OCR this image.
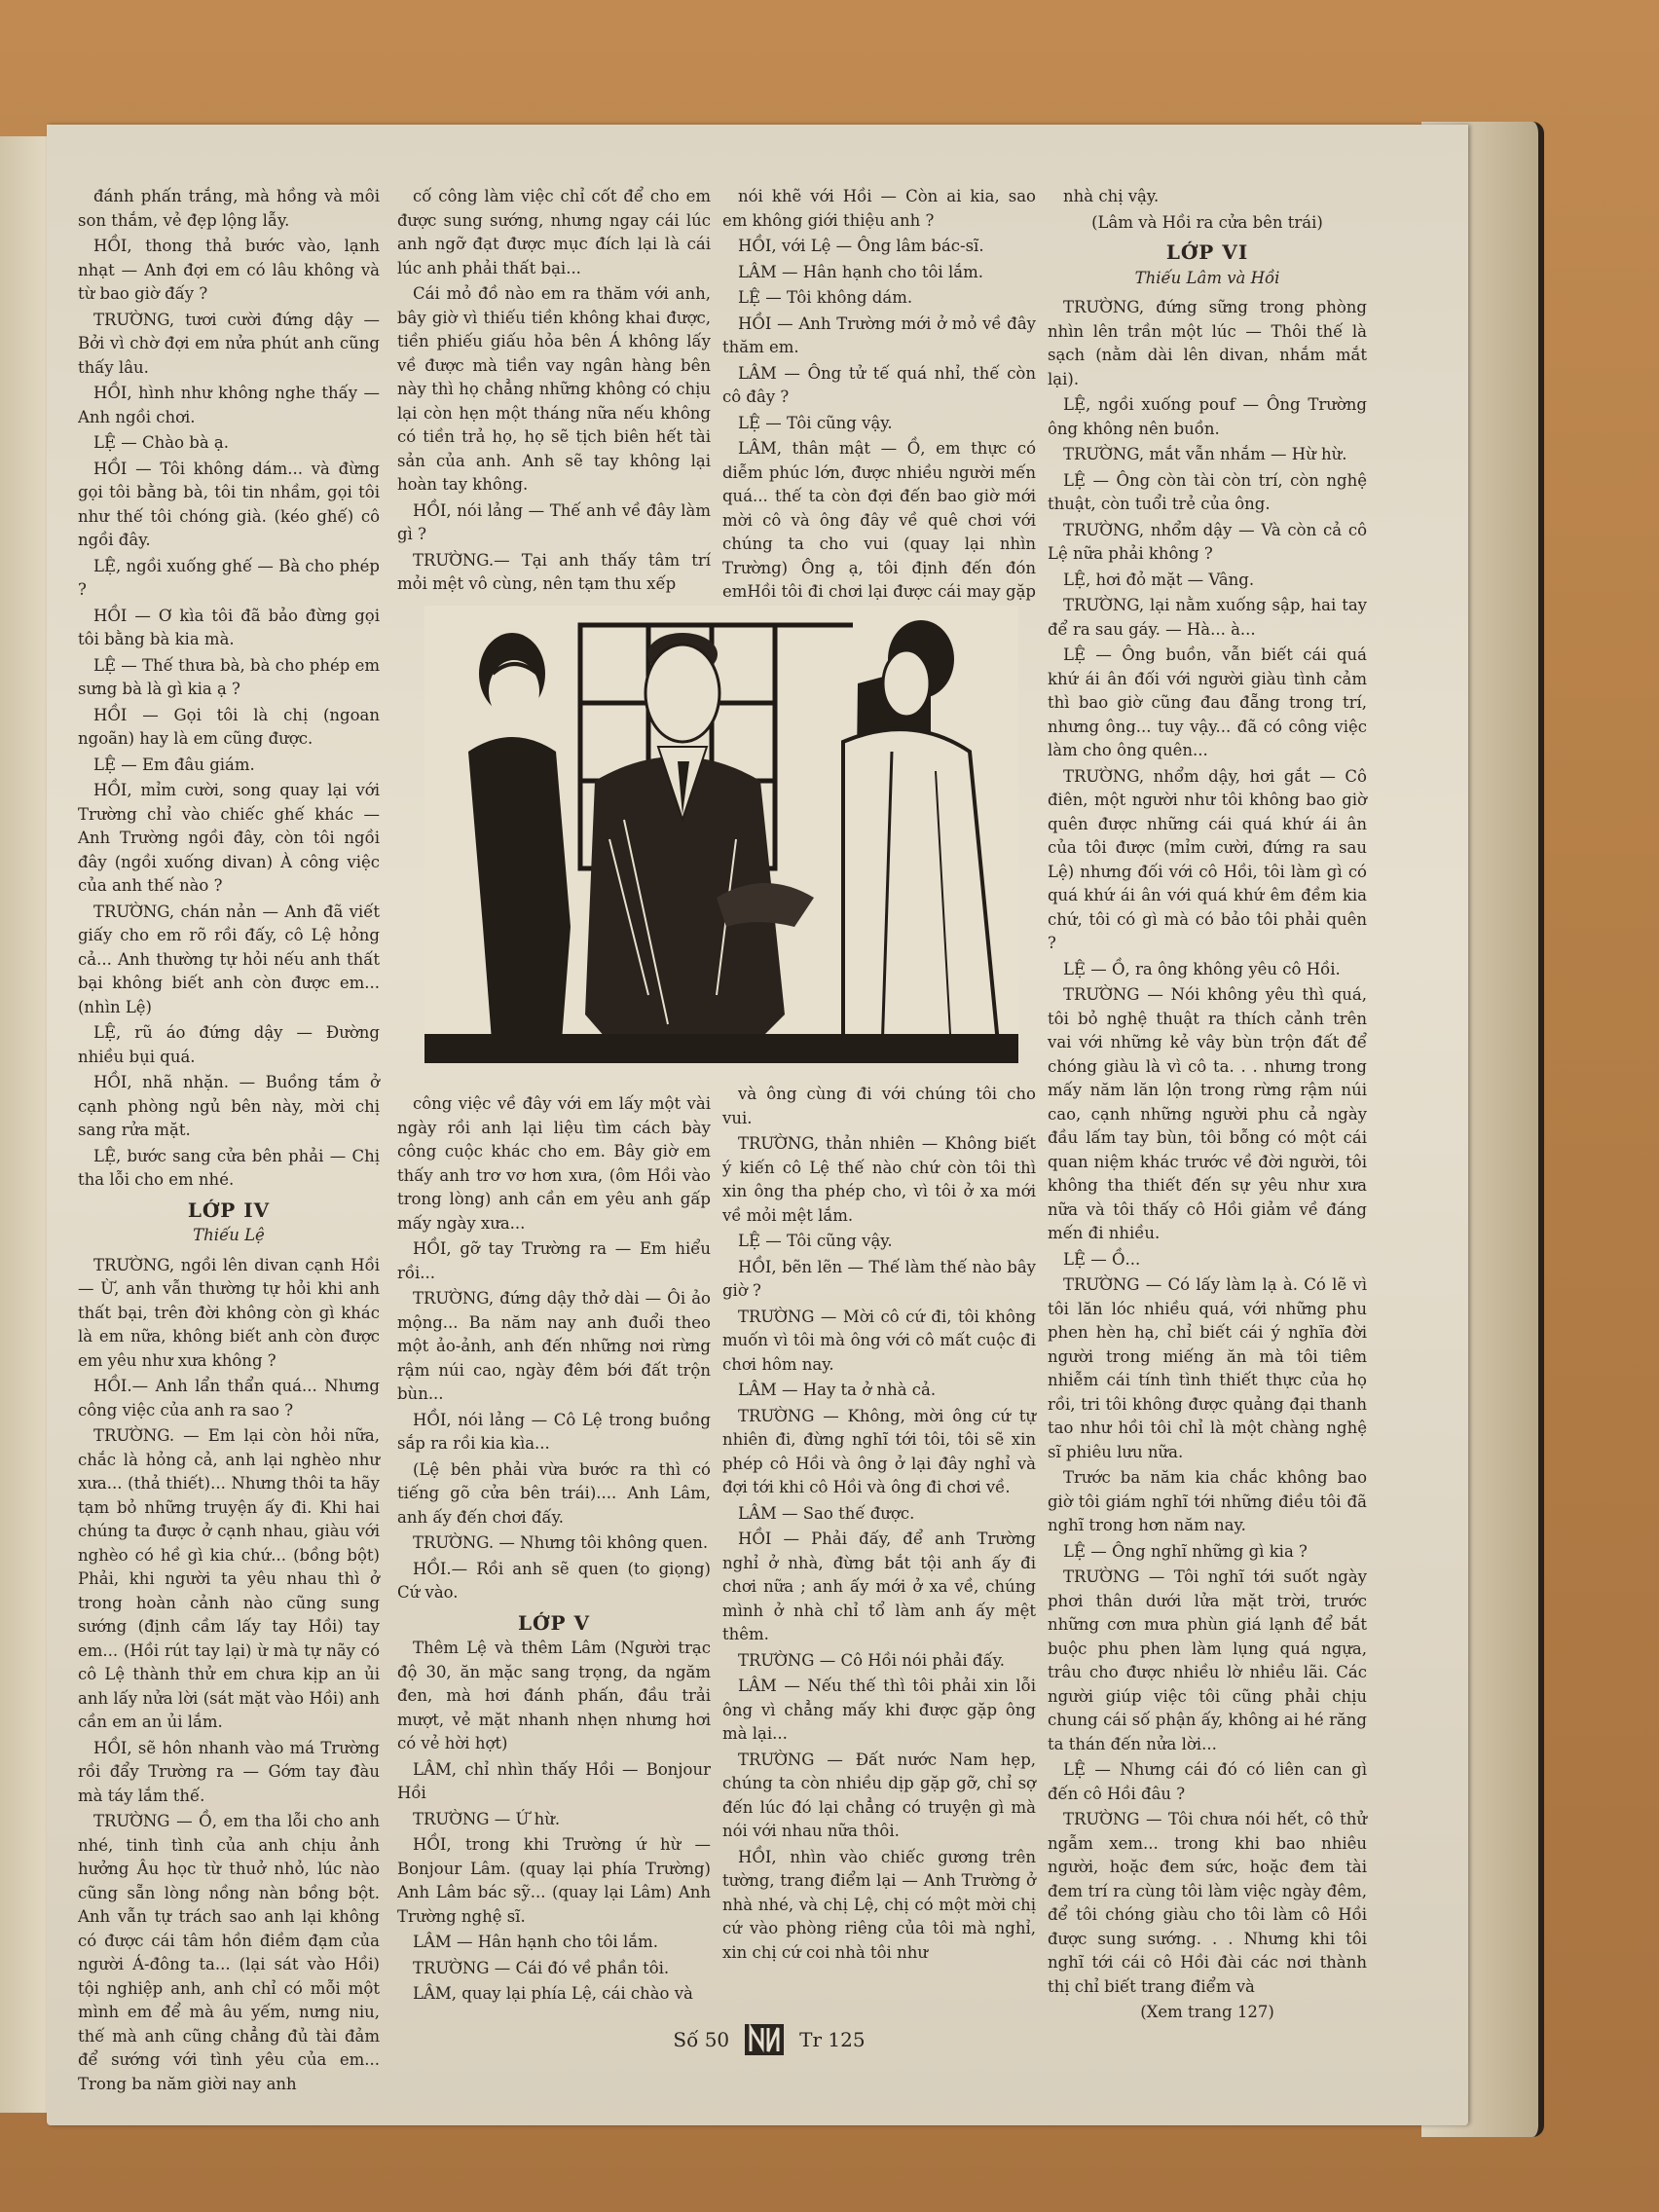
đánh phấn trắng, mà hồng và môi son thắm, vẻ đẹp lộng lẫy.

HỒI, thong thả bước vào, lạnh nhạt — Anh đợi em có lâu không và từ bao giờ đấy ?

TRƯỜNG, tươi cười đứng dậy — Bởi vì chờ đợi em nửa phút anh cũng thấy lâu.

HỒI, hình như không nghe thấy — Anh ngồi chơi.

LỆ — Chào bà ạ.

HỒI — Tôi không dám... và đừng gọi tôi bằng bà, tôi tin nhầm, gọi tôi như thế tôi chóng già. (kéo ghế) cô ngồi đây.

LỆ, ngồi xuống ghế — Bà cho phép ?

HỒI — Ơ kìa tôi đã bảo đừng gọi tôi bằng bà kia mà.

LỆ — Thế thưa bà, bà cho phép em sưng bà là gì kia ạ ?

HỒI — Gọi tôi là chị (ngoan ngoãn) hay là em cũng được.

LỆ — Em đâu giám.

HỒI, mỉm cười, song quay lại với Trường chỉ vào chiếc ghế khác — Anh Trường ngồi đây, còn tôi ngồi đây (ngồi xuống divan) À công việc của anh thế nào ?

TRƯỜNG, chán nản — Anh đã viết giấy cho em rõ rồi đấy, cô Lệ hỏng cả... Anh thường tự hỏi nếu anh thất bại không biết anh còn được em... (nhìn Lệ)

LỆ, rũ áo đứng dậy — Đường nhiều bụi quá.

HỒI, nhã nhặn. — Buồng tắm ở cạnh phòng ngủ bên này, mời chị sang rửa mặt.

LỆ, bước sang cửa bên phải — Chị tha lỗi cho em nhé.

LỚP IV

Thiếu Lệ

TRƯỜNG, ngồi lên divan cạnh Hồi — Ừ, anh vẫn thường tự hỏi khi anh thất bại, trên đời không còn gì khác là em nữa, không biết anh còn được em yêu như xưa không ?

HỒI.— Anh lẩn thẩn quá... Nhưng công việc của anh ra sao ?

TRƯỜNG. — Em lại còn hỏi nữa, chắc là hỏng cả, anh lại nghèo như xưa... (thả thiết)... Nhưng thôi ta hãy tạm bỏ những truyện ấy đi. Khi hai chúng ta được ở cạnh nhau, giàu với nghèo có hề gì kia chứ... (bồng bột) Phải, khi người ta yêu nhau thì ở trong hoàn cảnh nào cũng sung sướng (định cầm lấy tay Hồi) tay em... (Hồi rút tay lại) ừ mà tự nãy có cô Lệ thành thử em chưa kịp an ủi anh lấy nửa lời (sát mặt vào Hồi) anh cần em an ủi lắm.

HỒI, sẽ hôn nhanh vào má Trường rồi đẩy Trường ra — Gớm tay đàu mà táy lắm thế.

TRƯỜNG — Ồ, em tha lỗi cho anh nhé, tinh tình của anh chịu ảnh hưởng Âu học từ thuở nhỏ, lúc nào cũng sẵn lòng nồng nàn bồng bột. Anh vẫn tự trách sao anh lại không có được cái tâm hồn điềm đạm của người Á-đông ta... (lại sát vào Hồi) tội nghiệp anh, anh chỉ có mỗi một mình em để mà âu yếm, nưng niu, thế mà anh cũng chẳng đủ tài đảm để sướng với tình yêu của em... Trong ba năm giời nay anh

cố công làm việc chỉ cốt để cho em được sung sướng, nhưng ngay cái lúc anh ngỡ đạt được mục đích lại là cái lúc anh phải thất bại...

Cái mỏ đồ nào em ra thăm với anh, bây giờ vì thiếu tiền không khai được, tiền phiếu giấu hỏa bên Á không lấy về được mà tiền vay ngân hàng bên này thì họ chẳng những không có chịu lại còn hẹn một tháng nữa nếu không có tiền trả họ, họ sẽ tịch biên hết tài sản của anh. Anh sẽ tay không lại hoàn tay không.

HỒI, nói lảng — Thế anh về đây làm gì ?

TRƯỜNG.— Tại anh thấy tâm trí mỏi mệt vô cùng, nên tạm thu xếp

công việc về đây với em lấy một vài ngày rồi anh lại liệu tìm cách bày công cuộc khác cho em. Bây giờ em thấy anh trơ vơ hơn xưa, (ôm Hồi vào trong lòng) anh cần em yêu anh gấp mấy ngày xưa...

HỒI, gỡ tay Trường ra — Em hiểu rồi...

TRƯỜNG, đứng dậy thở dài — Ôi ảo mộng... Ba năm nay anh đuổi theo một ảo-ảnh, anh đến những nơi rừng rậm núi cao, ngày đêm bới đất trộn bùn...

HỒI, nói lảng — Cô Lệ trong buồng sắp ra rồi kia kìa...

(Lệ bên phải vừa bước ra thì có tiếng gõ cửa bên trái).... Anh Lâm, anh ấy đến chơi đấy.

TRƯỜNG. — Nhưng tôi không quen.

HỒI.— Rồi anh sẽ quen (to giọng) Cứ vào.

LỚP V

Thêm Lệ và thêm Lâm (Người trạc độ 30, ăn mặc sang trọng, da ngăm đen, mà hơi đánh phấn, đầu trải mượt, vẻ mặt nhanh nhẹn nhưng hơi có vẻ hời hợt)

LÂM, chỉ nhìn thấy Hồi — Bonjour Hồi

TRƯỜNG — Ứ hừ.

HỒI, trong khi Trường ứ hừ — Bonjour Lâm. (quay lại phía Trường) Anh Lâm bác sỹ... (quay lại Lâm) Anh Trường nghệ sĩ.

LÂM — Hân hạnh cho tôi lắm.

TRƯỜNG — Cái đó về phần tôi.

LÂM, quay lại phía Lệ, cái chào và

nói khẽ với Hồi — Còn ai kia, sao em không giới thiệu anh ?

HỒI, với Lệ — Ông lâm bác-sĩ.

LÂM — Hân hạnh cho tôi lắm.

LỆ — Tôi không dám.

HỒI — Anh Trường mới ở mỏ về đây thăm em.

LÂM — Ông tử tế quá nhỉ, thế còn cô đây ?

LỆ — Tôi cũng vậy.

LÂM, thân mật — Ồ, em thực có diễm phúc lớn, được nhiều người mến quá... thế ta còn đợi đến bao giờ mới mời cô và ông đây về quê chơi với chúng ta cho vui (quay lại nhìn Trường) Ông ạ, tôi định đến đón emHồi tôi đi chơi lại được cái may gặp

và ông cùng đi với chúng tôi cho vui.

TRƯỜNG, thản nhiên — Không biết ý kiến cô Lệ thế nào chứ còn tôi thì xin ông tha phép cho, vì tôi ở xa mới về mỏi mệt lắm.

LỆ — Tôi cũng vậy.

HỒI, bẽn lẽn — Thế làm thế nào bây giờ ?

TRƯỜNG — Mời cô cứ đi, tôi không muốn vì tôi mà ông với cô mất cuộc đi chơi hôm nay.

LÂM — Hay ta ở nhà cả.

TRƯỜNG — Không, mời ông cứ tự nhiên đi, đừng nghĩ tới tôi, tôi sẽ xin phép cô Hồi và ông ở lại đây nghỉ và đợi tới khi cô Hồi và ông đi chơi về.

LÂM — Sao thế được.

HỒI — Phải đấy, để anh Trường nghỉ ở nhà, đừng bắt tội anh ấy đi chơi nữa ; anh ấy mới ở xa về, chúng mình ở nhà chỉ tổ làm anh ấy mệt thêm.

TRƯỜNG — Cô Hồi nói phải đấy.

LÂM — Nếu thế thì tôi phải xin lỗi ông vì chẳng mấy khi được gặp ông mà lại...

TRƯỜNG — Đất nước Nam hẹp, chúng ta còn nhiều dịp gặp gỡ, chỉ sợ đến lúc đó lại chẳng có truyện gì mà nói với nhau nữa thôi.

HỒI, nhìn vào chiếc gương trên tường, trang điểm lại — Anh Trường ở nhà nhé, và chị Lệ, chị có một mời chị cứ vào phòng riêng của tôi mà nghỉ, xin chị cứ coi nhà tôi như

nhà chị vậy.

(Lâm và Hồi ra cửa bên trái)

LỚP VI

Thiếu Lâm và Hồi

TRƯỜNG, đứng sững trong phòng nhìn lên trần một lúc — Thôi thế là sạch (nằm dài lên divan, nhắm mắt lại).

LỆ, ngồi xuống pouf — Ông Trường ông không nên buồn.

TRƯỜNG, mắt vẫn nhắm — Hừ hừ.

LỆ — Ông còn tài còn trí, còn nghệ thuật, còn tuổi trẻ của ông.

TRƯỜNG, nhổm dậy — Và còn cả cô Lệ nữa phải không ?

LỆ, hơi đỏ mặt — Vâng.

TRƯỜNG, lại nằm xuống sập, hai tay để ra sau gáy. — Hà... à...

LỆ — Ông buồn, vẫn biết cái quá khứ ái ân đối với người giàu tình cảm thì bao giờ cũng đau đẵng trong trí, nhưng ông... tuy vậy... đã có công việc làm cho ông quên...

TRƯỜNG, nhổm dậy, hơi gắt — Cô điên, một người như tôi không bao giờ quên được những cái quá khứ ái ân của tôi được (mỉm cười, đứng ra sau Lệ) nhưng đối với cô Hồi, tôi làm gì có quá khứ ái ân với quá khứ êm đềm kia chứ, tôi có gì mà có bảo tôi phải quên ?

LỆ — Ồ, ra ông không yêu cô Hồi.

TRƯỜNG — Nói không yêu thì quá, tôi bỏ nghệ thuật ra thích cảnh trên vai với những kẻ vây bùn trộn đất để chóng giàu là vì cô ta. . . nhưng trong mấy năm lăn lộn trong rừng rậm núi cao, cạnh những người phu cả ngày đầu lấm tay bùn, tôi bỗng có một cái quan niệm khác trước về đời người, tôi không tha thiết đến sự yêu như xưa nữa và tôi thấy cô Hồi giảm về đáng mến đi nhiều.

LỆ — Ồ...

TRƯỜNG — Có lấy làm lạ à. Có lẽ vì tôi lăn lóc nhiều quá, với những phu phen hèn hạ, chỉ biết cái ý nghĩa đời người trong miếng ăn mà tôi tiêm nhiễm cái tính tình thiết thực của họ rồi, tri tôi không được quảng đại thanh tao như hồi tôi chỉ là một chàng nghệ sĩ phiêu lưu nữa.

Trước ba năm kia chắc không bao giờ tôi giám nghĩ tới những điều tôi đã nghĩ trong hơn năm nay.

LỆ — Ông nghĩ những gì kia ?

TRƯỜNG — Tôi nghĩ tới suốt ngày phơi thân dưới lửa mặt trời, trước những cơn mưa phùn giá lạnh để bắt buộc phu phen làm lụng quá ngựa, trâu cho được nhiều lờ nhiều lãi. Các người giúp việc tôi cũng phải chịu chung cái số phận ấy, không ai hé răng ta thán đến nửa lời...

LỆ — Nhưng cái đó có liên can gì đến cô Hồi đâu ?

TRƯỜNG — Tôi chưa nói hết, cô thử ngẫm xem... trong khi bao nhiêu người, hoặc đem sức, hoặc đem tài đem trí ra cùng tôi làm việc ngày đêm, để tôi chóng giàu cho tôi làm cô Hồi được sung sướng. . . Nhưng khi tôi nghĩ tới cái cô Hồi đài các nơi thành thị chỉ biết trang điểm và

(Xem trang 127)

Số 50	Tr 125
